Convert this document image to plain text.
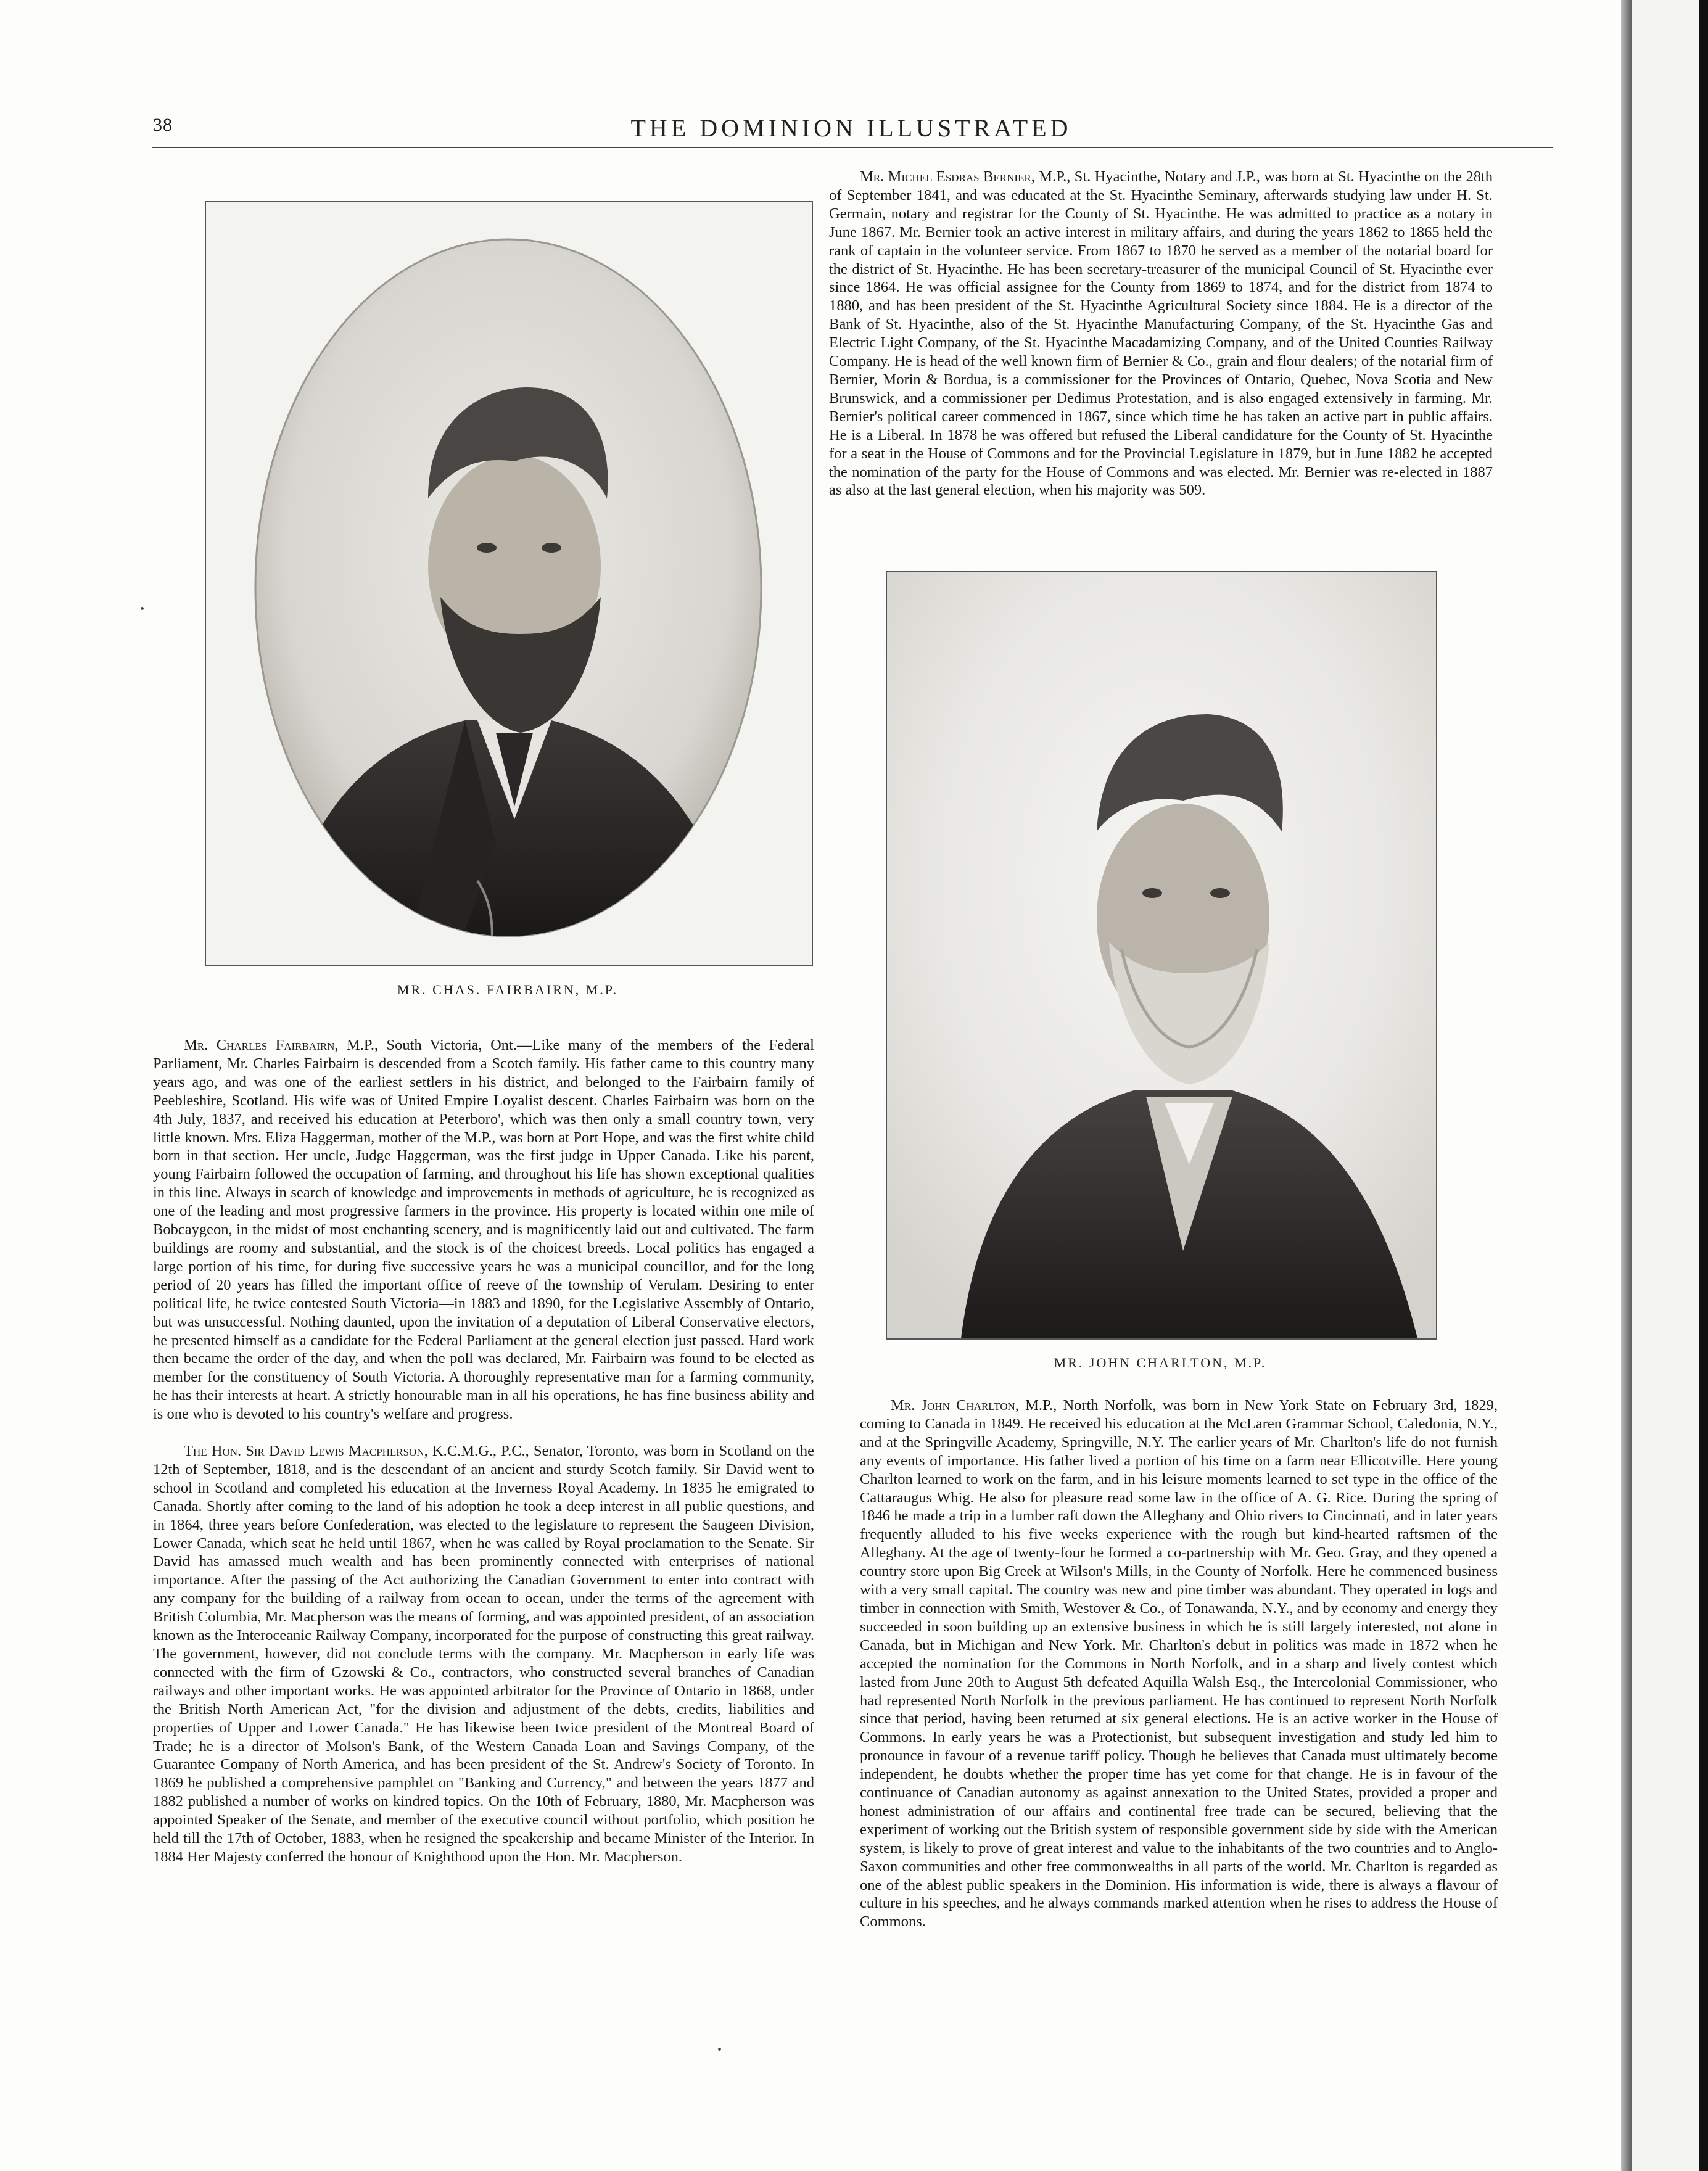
38	THE DOMINION ILLUSTRATED
MR. CHAS. FAIRBAIRN, M.P.
MR. JOHN CHARLTON, M.P.

Mr. Michel Esdras Bernier, M.P., St. Hyacinthe, Notary and J.P., was born at St. Hyacinthe on the 28th of September 1841, and was educated at the St. Hyacinthe Seminary, afterwards studying law under H. St. Germain, notary and registrar for the County of St. Hyacinthe. He was admitted to practice as a notary in June 1867. Mr. Bernier took an active interest in military affairs, and during the years 1862 to 1865 held the rank of captain in the volunteer service. From 1867 to 1870 he served as a member of the notarial board for the district of St. Hyacinthe. He has been secretary-treasurer of the municipal Council of St. Hyacinthe ever since 1864. He was official assignee for the County from 1869 to 1874, and for the district from 1874 to 1880, and has been president of the St. Hyacinthe Agricultural Society since 1884. He is a director of the Bank of St. Hyacinthe, also of the St. Hyacinthe Manufacturing Company, of the St. Hyacinthe Gas and Electric Light Company, of the St. Hyacinthe Macadamizing Company, and of the United Counties Railway Company. He is head of the well known firm of Bernier & Co., grain and flour dealers; of the notarial firm of Bernier, Morin & Bordua, is a commissioner for the Provinces of Ontario, Quebec, Nova Scotia and New Brunswick, and a commissioner per Dedimus Protestation, and is also engaged extensively in farming. Mr. Bernier's political career commenced in 1867, since which time he has taken an active part in public affairs. He is a Liberal. In 1878 he was offered but refused the Liberal candidature for the County of St. Hyacinthe for a seat in the House of Commons and for the Provincial Legislature in 1879, but in June 1882 he accepted the nomination of the party for the House of Commons and was elected. Mr. Bernier was re-elected in 1887 as also at the last general election, when his majority was 509.

Mr. Charles Fairbairn, M.P., South Victoria, Ont.—Like many of the members of the Federal Parliament, Mr. Charles Fairbairn is descended from a Scotch family. His father came to this country many years ago, and was one of the earliest settlers in his district, and belonged to the Fairbairn family of Peebleshire, Scotland. His wife was of United Empire Loyalist descent. Charles Fairbairn was born on the 4th July, 1837, and received his education at Peterboro', which was then only a small country town, very little known. Mrs. Eliza Haggerman, mother of the M.P., was born at Port Hope, and was the first white child born in that section. Her uncle, Judge Haggerman, was the first judge in Upper Canada. Like his parent, young Fairbairn followed the occupation of farming, and throughout his life has shown exceptional qualities in this line. Always in search of knowledge and improvements in methods of agriculture, he is recognized as one of the leading and most progressive farmers in the province. His property is located within one mile of Bobcaygeon, in the midst of most enchanting scenery, and is magnificently laid out and cultivated. The farm buildings are roomy and substantial, and the stock is of the choicest breeds. Local politics has engaged a large portion of his time, for during five successive years he was a municipal councillor, and for the long period of 20 years has filled the important office of reeve of the township of Verulam. Desiring to enter political life, he twice contested South Victoria—in 1883 and 1890, for the Legislative Assembly of Ontario, but was unsuccessful. Nothing daunted, upon the invitation of a deputation of Liberal Conservative electors, he presented himself as a candidate for the Federal Parliament at the general election just passed. Hard work then became the order of the day, and when the poll was declared, Mr. Fairbairn was found to be elected as member for the constituency of South Victoria. A thoroughly representative man for a farming community, he has their interests at heart. A strictly honourable man in all his operations, he has fine business ability and is one who is devoted to his country's welfare and progress.

The Hon. Sir David Lewis Macpherson, K.C.M.G., P.C., Senator, Toronto, was born in Scotland on the 12th of September, 1818, and is the descendant of an ancient and sturdy Scotch family. Sir David went to school in Scotland and completed his education at the Inverness Royal Academy. In 1835 he emigrated to Canada. Shortly after coming to the land of his adoption he took a deep interest in all public questions, and in 1864, three years before Confederation, was elected to the legislature to represent the Saugeen Division, Lower Canada, which seat he held until 1867, when he was called by Royal proclamation to the Senate. Sir David has amassed much wealth and has been prominently connected with enterprises of national importance. After the passing of the Act authorizing the Canadian Government to enter into contract with any company for the building of a railway from ocean to ocean, under the terms of the agreement with British Columbia, Mr. Macpherson was the means of forming, and was appointed president, of an association known as the Interoceanic Railway Company, incorporated for the purpose of constructing this great railway. The government, however, did not conclude terms with the company. Mr. Macpherson in early life was connected with the firm of Gzowski & Co., contractors, who constructed several branches of Canadian railways and other important works. He was appointed arbitrator for the Province of Ontario in 1868, under the British North American Act, "for the division and adjustment of the debts, credits, liabilities and properties of Upper and Lower Canada." He has likewise been twice president of the Montreal Board of Trade; he is a director of Molson's Bank, of the Western Canada Loan and Savings Company, of the Guarantee Company of North America, and has been president of the St. Andrew's Society of Toronto. In 1869 he published a comprehensive pamphlet on "Banking and Currency," and between the years 1877 and 1882 published a number of works on kindred topics. On the 10th of February, 1880, Mr. Macpherson was appointed Speaker of the Senate, and member of the executive council without portfolio, which position he held till the 17th of October, 1883, when he resigned the speakership and became Minister of the Interior. In 1884 Her Majesty conferred the honour of Knighthood upon the Hon. Mr. Macpherson.

Mr. John Charlton, M.P., North Norfolk, was born in New York State on February 3rd, 1829, coming to Canada in 1849. He received his education at the McLaren Grammar School, Caledonia, N.Y., and at the Springville Academy, Springville, N.Y. The earlier years of Mr. Charlton's life do not furnish any events of importance. His father lived a portion of his time on a farm near Ellicotville. Here young Charlton learned to work on the farm, and in his leisure moments learned to set type in the office of the Cattaraugus Whig. He also for pleasure read some law in the office of A. G. Rice. During the spring of 1846 he made a trip in a lumber raft down the Alleghany and Ohio rivers to Cincinnati, and in later years frequently alluded to his five weeks experience with the rough but kind-hearted raftsmen of the Alleghany. At the age of twenty-four he formed a co-partnership with Mr. Geo. Gray, and they opened a country store upon Big Creek at Wilson's Mills, in the County of Norfolk. Here he commenced business with a very small capital. The country was new and pine timber was abundant. They operated in logs and timber in connection with Smith, Westover & Co., of Tonawanda, N.Y., and by economy and energy they succeeded in soon building up an extensive business in which he is still largely interested, not alone in Canada, but in Michigan and New York. Mr. Charlton's debut in politics was made in 1872 when he accepted the nomination for the Commons in North Norfolk, and in a sharp and lively contest which lasted from June 20th to August 5th defeated Aquilla Walsh Esq., the Intercolonial Commissioner, who had represented North Norfolk in the previous parliament. He has continued to represent North Norfolk since that period, having been returned at six general elections. He is an active worker in the House of Commons. In early years he was a Protectionist, but subsequent investigation and study led him to pronounce in favour of a revenue tariff policy. Though he believes that Canada must ultimately become independent, he doubts whether the proper time has yet come for that change. He is in favour of the continuance of Canadian autonomy as against annexation to the United States, provided a proper and honest administration of our affairs and continental free trade can be secured, believing that the experiment of working out the British system of responsible government side by side with the American system, is likely to prove of great interest and value to the inhabitants of the two countries and to Anglo-Saxon communities and other free commonwealths in all parts of the world. Mr. Charlton is regarded as one of the ablest public speakers in the Dominion. His information is wide, there is always a flavour of culture in his speeches, and he always commands marked attention when he rises to address the House of Commons.
